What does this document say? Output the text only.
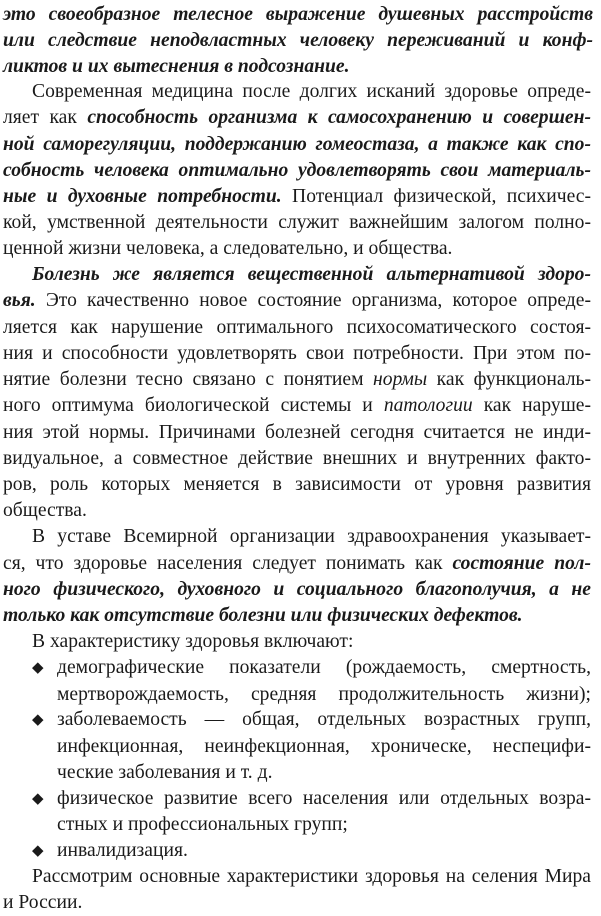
это своеобразное телесное выражение душевных расстройств
или следствие неподвластных человеку переживаний и конф-
ликтов и их вытеснения в подсознание.
Современная медицина после долгих исканий здоровье опреде-
ляет как способность организма к самосохранению и совершен-
ной саморегуляции, поддержанию гомеостаза, а также как спо-
собность человека оптимально удовлетворять свои материаль-
ные и духовные потребности. Потенциал физической, психичес-
кой, умственной деятельности служит важнейшим залогом полно-
ценной жизни человека, а следовательно, и общества.
Болезнь же является вещественной альтернативой здоро-
вья. Это качественно новое состояние организма, которое опреде-
ляется как нарушение оптимального психосоматического состоя-
ния и способности удовлетворять свои потребности. При этом по-
нятие болезни тесно связано с понятием нормы как функциональ-
ного оптимума биологической системы и патологии как наруше-
ния этой нормы. Причинами болезней сегодня считается не инди-
видуальное, а совместное действие внешних и внутренних факто-
ров, роль которых меняется в зависимости от уровня развития
общества.
В уставе Всемирной организации здравоохранения указывает-
ся, что здоровье населения следует понимать как состояние пол-
ного физического, духовного и социального благополучия, а не
только как отсутствие болезни или физических дефектов.
В характеристику здоровья включают:
◆ демографические показатели (рождаемость, смертность,
мертворождаемость, средняя продолжительность жизни);
◆ заболеваемость — общая, отдельных возрастных групп,
инфекционная, неинфекционная, хроническе, неспецифи-
ческие заболевания и т. д.
◆ физическое развитие всего населения или отдельных возра-
стных и профессиональных групп;
◆ инвалидизация.
Рассмотрим основные характеристики здоровья на селения Мира
и России.
